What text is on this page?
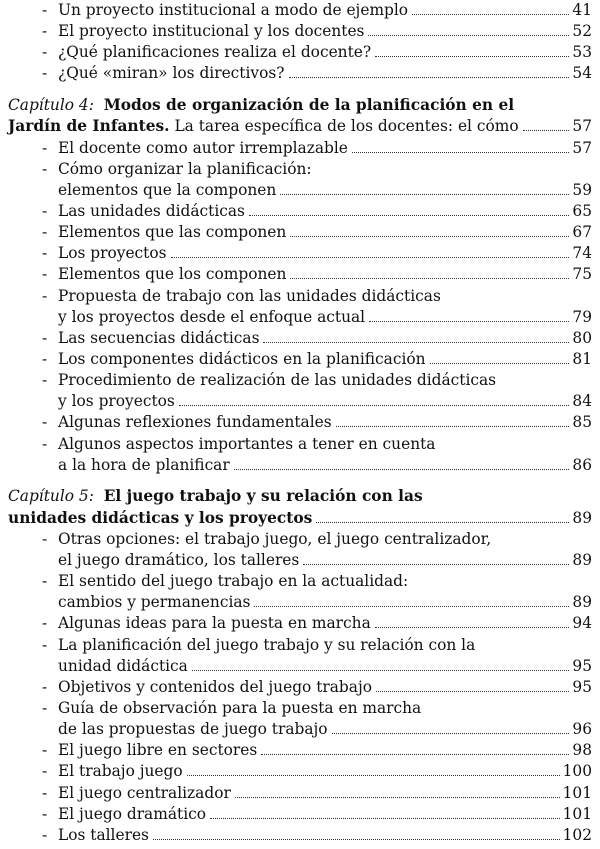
- Un proyecto institucional a modo de ejemplo	41
- El proyecto institucional y los docentes	52
- ¿Qué planificaciones realiza el docente?	53
- ¿Qué «miran» los directivos?	54
Capítulo 4: Modos de organización de la planificación en el
Jardín de Infantes. La tarea específica de los docentes: el cómo	57
- El docente como autor irremplazable	57
- Cómo organizar la planificación:
elementos que la componen	59
- Las unidades didácticas	65
- Elementos que las componen	67
- Los proyectos	74
- Elementos que los componen	75
- Propuesta de trabajo con las unidades didácticas
y los proyectos desde el enfoque actual	79
- Las secuencias didácticas	80
- Los componentes didácticos en la planificación	81
- Procedimiento de realización de las unidades didácticas
y los proyectos	84
- Algunas reflexiones fundamentales	85
- Algunos aspectos importantes a tener en cuenta
a la hora de planificar	86
Capítulo 5: El juego trabajo y su relación con las
unidades didácticas y los proyectos	89
- Otras opciones: el trabajo juego, el juego centralizador,
el juego dramático, los talleres	89
- El sentido del juego trabajo en la actualidad:
cambios y permanencias	89
- Algunas ideas para la puesta en marcha	94
- La planificación del juego trabajo y su relación con la
unidad didáctica	95
- Objetivos y contenidos del juego trabajo	95
- Guía de observación para la puesta en marcha
de las propuestas de juego trabajo	96
- El juego libre en sectores	98
- El trabajo juego	100
- El juego centralizador	101
- El juego dramático	101
- Los talleres	102
